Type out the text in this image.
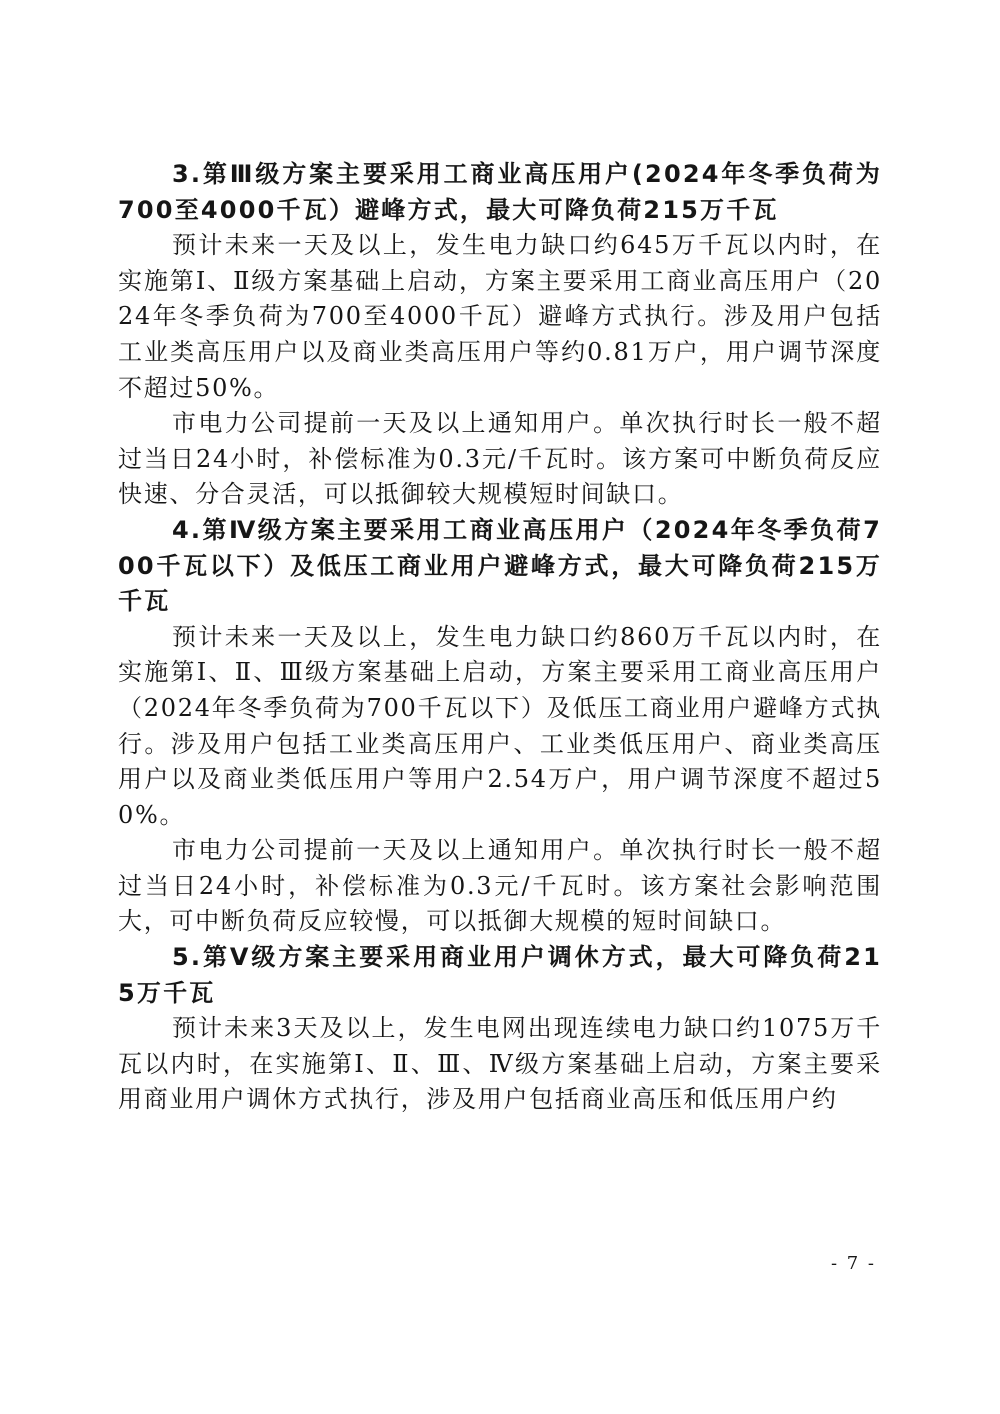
3.第Ⅲ级方案主要采用工商业高压用户(2024年冬季负荷为700至4000千瓦）避峰方式，最大可降负荷215万千瓦

预计未来一天及以上，发生电力缺口约645万千瓦以内时，在实施第Ⅰ、Ⅱ级方案基础上启动，方案主要采用工商业高压用户（2024年冬季负荷为700至4000千瓦）避峰方式执行。涉及用户包括工业类高压用户以及商业类高压用户等约0.81万户，用户调节深度不超过50%。

市电力公司提前一天及以上通知用户。单次执行时长一般不超过当日24小时，补偿标准为0.3元/千瓦时。该方案可中断负荷反应快速、分合灵活，可以抵御较大规模短时间缺口。

4.第Ⅳ级方案主要采用工商业高压用户（2024年冬季负荷700千瓦以下）及低压工商业用户避峰方式，最大可降负荷215万千瓦

预计未来一天及以上，发生电力缺口约860万千瓦以内时，在实施第Ⅰ、Ⅱ、Ⅲ级方案基础上启动，方案主要采用工商业高压用户（2024年冬季负荷为700千瓦以下）及低压工商业用户避峰方式执行。涉及用户包括工业类高压用户、工业类低压用户、商业类高压用户以及商业类低压用户等用户2.54万户，用户调节深度不超过50%。

市电力公司提前一天及以上通知用户。单次执行时长一般不超过当日24小时，补偿标准为0.3元/千瓦时。该方案社会影响范围大，可中断负荷反应较慢，可以抵御大规模的短时间缺口。

5.第Ⅴ级方案主要采用商业用户调休方式，最大可降负荷215万千瓦

预计未来3天及以上，发生电网出现连续电力缺口约1075万千瓦以内时，在实施第Ⅰ、Ⅱ、Ⅲ、Ⅳ级方案基础上启动，方案主要采用商业用户调休方式执行，涉及用户包括商业高压和低压用户约

- 7 -
